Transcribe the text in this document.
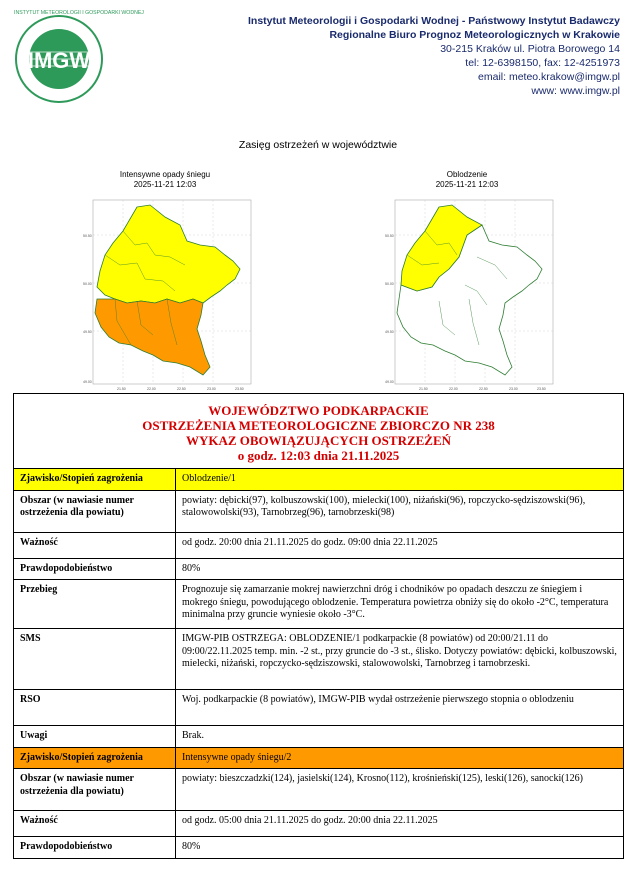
INSTYTUT METEOROLOGII I GOSPODARKI WODNEJ
IMGW
Instytut Meteorologii i Gospodarki Wodnej - Państwowy Instytut Badawczy
Regionalne Biuro Prognoz Meteorologicznych w Krakowie
30-215 Kraków ul. Piotra Borowego 14
tel: 12-6398150, fax: 12-4251973
email: meteo.krakow@imgw.pl
www: www.imgw.pl
Zasięg ostrzeżeń w województwie
Intensywne opady śniegu
2025-11-21 12:03
Oblodzenie
2025-11-21 12:03
50.50
50.00
49.50
49.00
21.50	22.00	22.50	23.00	23.50
50.50
50.00
49.50
49.00
21.50	22.00	22.50	23.00	23.50
WOJEWÓDZTWO PODKARPACKIE
OSTRZEŻENIA METEOROLOGICZNE ZBIORCZO NR 238
WYKAZ OBOWIĄZUJĄCYCH OSTRZEŻEŃ
o godz. 12:03 dnia 21.11.2025
Zjawisko/Stopień zagrożenia	Oblodzenie/1
Obszar (w nawiasie numer ostrzeżenia dla powiatu)	powiaty: dębicki(97), kolbuszowski(100), mielecki(100), niżański(96), ropczycko-sędziszowski(96), stalowowolski(93), Tarnobrzeg(96), tarnobrzeski(98)
Ważność	od godz. 20:00 dnia 21.11.2025 do godz. 09:00 dnia 22.11.2025
Prawdopodobieństwo	80%
Przebieg	Prognozuje się zamarzanie mokrej nawierzchni dróg i chodników po opadach deszczu ze śniegiem i mokrego śniegu, powodującego oblodzenie. Temperatura powietrza obniży się do około -2°C, temperatura minimalna przy gruncie wyniesie około -3°C.
SMS	IMGW-PIB OSTRZEGA: OBLODZENIE/1 podkarpackie (8 powiatów) od 20:00/21.11 do 09:00/22.11.2025 temp. min. -2 st., przy gruncie do -3 st., ślisko. Dotyczy powiatów: dębicki, kolbuszowski, mielecki, niżański, ropczycko-sędziszowski, stalowowolski, Tarnobrzeg i tarnobrzeski.
RSO	Woj. podkarpackie (8 powiatów), IMGW-PIB wydał ostrzeżenie pierwszego stopnia o oblodzeniu
Uwagi	Brak.
Zjawisko/Stopień zagrożenia	Intensywne opady śniegu/2
Obszar (w nawiasie numer ostrzeżenia dla powiatu)	powiaty: bieszczadzki(124), jasielski(124), Krosno(112), krośnieński(125), leski(126), sanocki(126)
Ważność	od godz. 05:00 dnia 21.11.2025 do godz. 20:00 dnia 22.11.2025
Prawdopodobieństwo	80%
